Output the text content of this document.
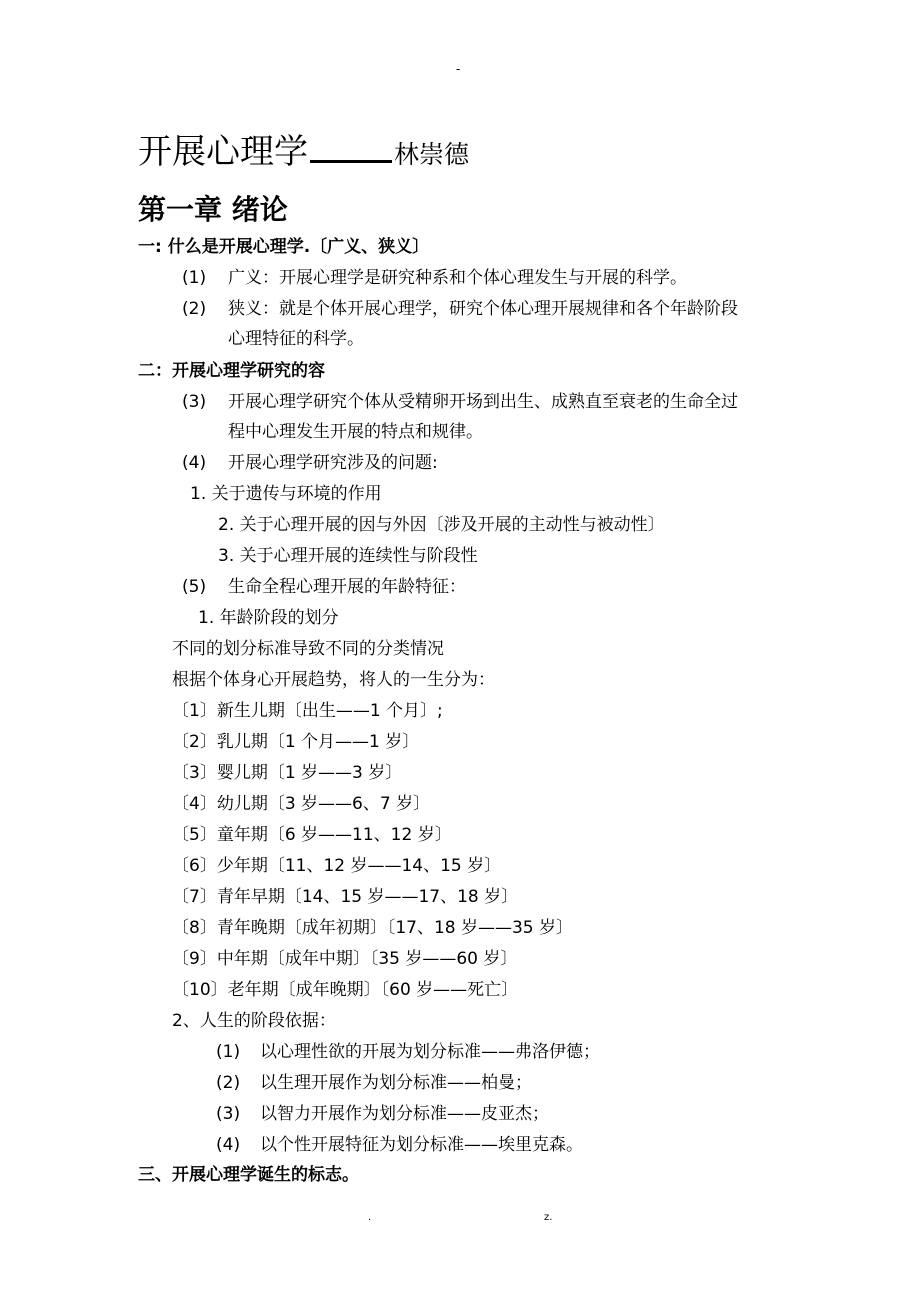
-
开展心理学	林崇德
第一章 绪论
一: 什么是开展心理学.〔广义、狭义〕
(1) 广义：开展心理学是研究种系和个体心理发生与开展的科学。
(2) 狭义：就是个体开展心理学，研究个体心理开展规律和各个年龄阶段
心理特征的科学。
二：开展心理学研究的容
(3) 开展心理学研究个体从受精卵开场到出生、成熟直至衰老的生命全过
程中心理发生开展的特点和规律。
(4) 开展心理学研究涉及的问题:
1. 关于遗传与环境的作用
2. 关于心理开展的因与外因〔涉及开展的主动性与被动性〕
3. 关于心理开展的连续性与阶段性
(5) 生命全程心理开展的年龄特征：
1. 年龄阶段的划分
不同的划分标准导致不同的分类情况
根据个体身心开展趋势，将人的一生分为：
〔1〕新生儿期〔出生——1 个月〕;
〔2〕乳儿期〔1 个月——1 岁〕
〔3〕婴儿期〔1 岁——3 岁〕
〔4〕幼儿期〔3 岁——6、7 岁〕
〔5〕童年期〔6 岁——11、12 岁〕
〔6〕少年期〔11、12 岁——14、15 岁〕
〔7〕青年早期〔14、15 岁——17、18 岁〕
〔8〕青年晚期〔成年初期〕〔17、18 岁——35 岁〕
〔9〕中年期〔成年中期〕〔35 岁——60 岁〕
〔10〕老年期〔成年晚期〕〔60 岁——死亡〕
2、人生的阶段依据：
(1) 以心理性欲的开展为划分标准——弗洛伊德；
(2) 以生理开展作为划分标准——柏曼；
(3) 以智力开展作为划分标准——皮亚杰；
(4) 以个性开展特征为划分标准——埃里克森。
三、开展心理学诞生的标志。
.	z.
